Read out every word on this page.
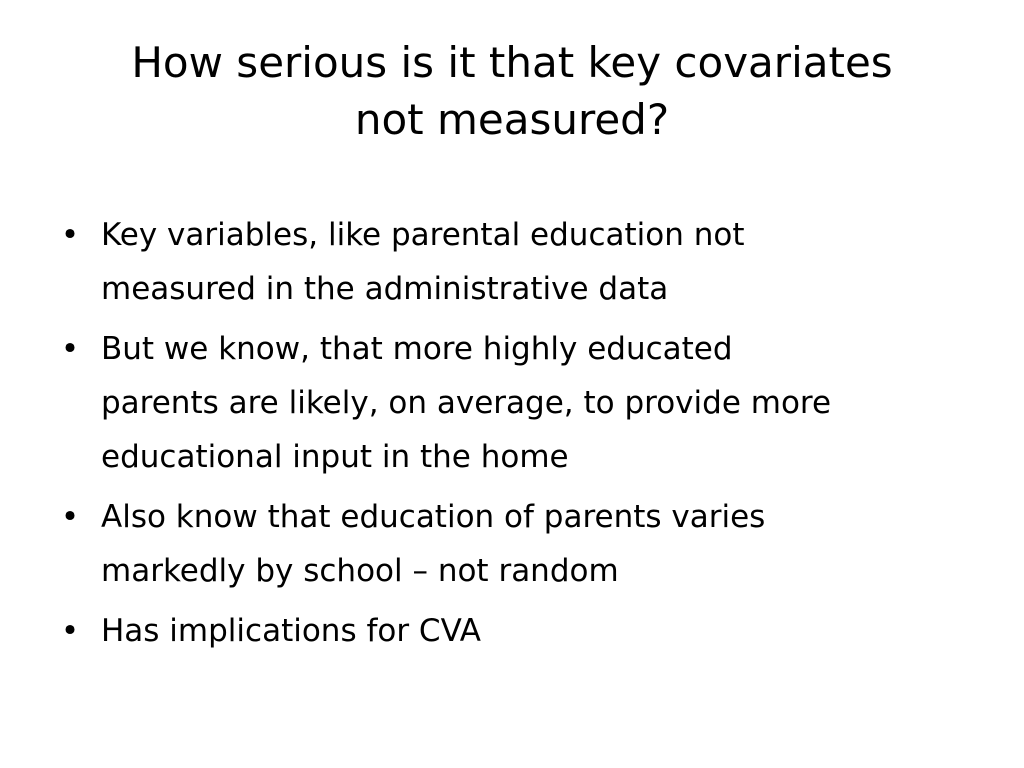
How serious is it that key covariates
not measured?
• Key variables, like parental education not
measured in the administrative data
• But we know, that more highly educated
parents are likely, on average, to provide more
educational input in the home
• Also know that education of parents varies
markedly by school – not random
• Has implications for CVA
